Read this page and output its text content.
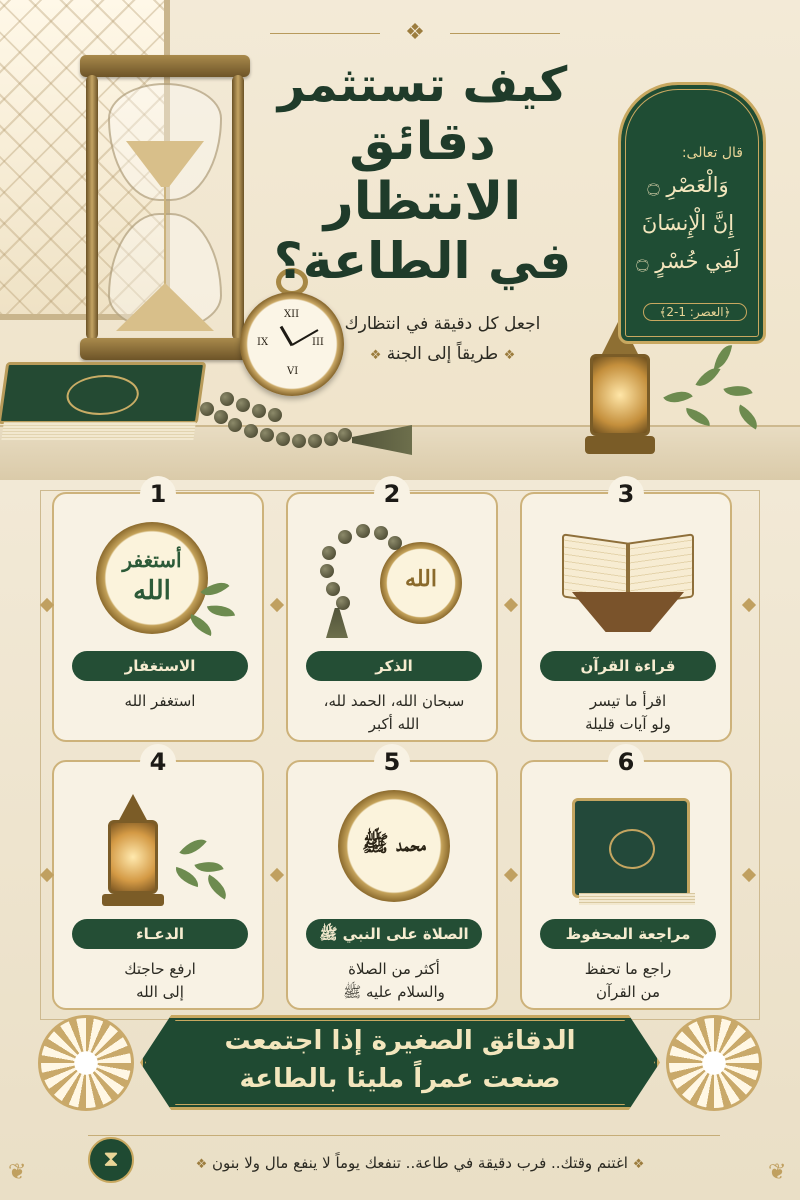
XII
III
VI
IX
❖
كيف تستثمر
دقائق الانتظار
في الطاعة؟
اجعل كل دقيقة في انتظارك
❖ طريقاً إلى الجنة ❖
قال تعالى:
وَالْعَصْرِ ۝
إِنَّ الْإِنسَانَ
لَفِي خُسْرٍ ۝
﴿العصر: 1-2﴾
1
أستغفر
الله
الاستغفار
استغفر الله
2
الله
الذكر
سبحان الله، الحمد لله،
الله أكبر
3
قراءة القرآن
اقرأ ما تيسر
ولو آيات قليلة
4
الدعـاء
ارفع حاجتك
إلى الله
5
محمد ﷺ
الصلاة على النبي ﷺ
أكثر من الصلاة
والسلام عليه ﷺ
6
مراجعة المحفوظ
راجع ما تحفظ
من القرآن
الدقائق الصغيرة إذا اجتمعت
صنعت عمراً مليئا بالطاعة
⧗	❖ اغتنم وقتك.. فرب دقيقة في طاعة.. تنفعك يوماً لا ينفع مال ولا بنون ❖
❦	❦
